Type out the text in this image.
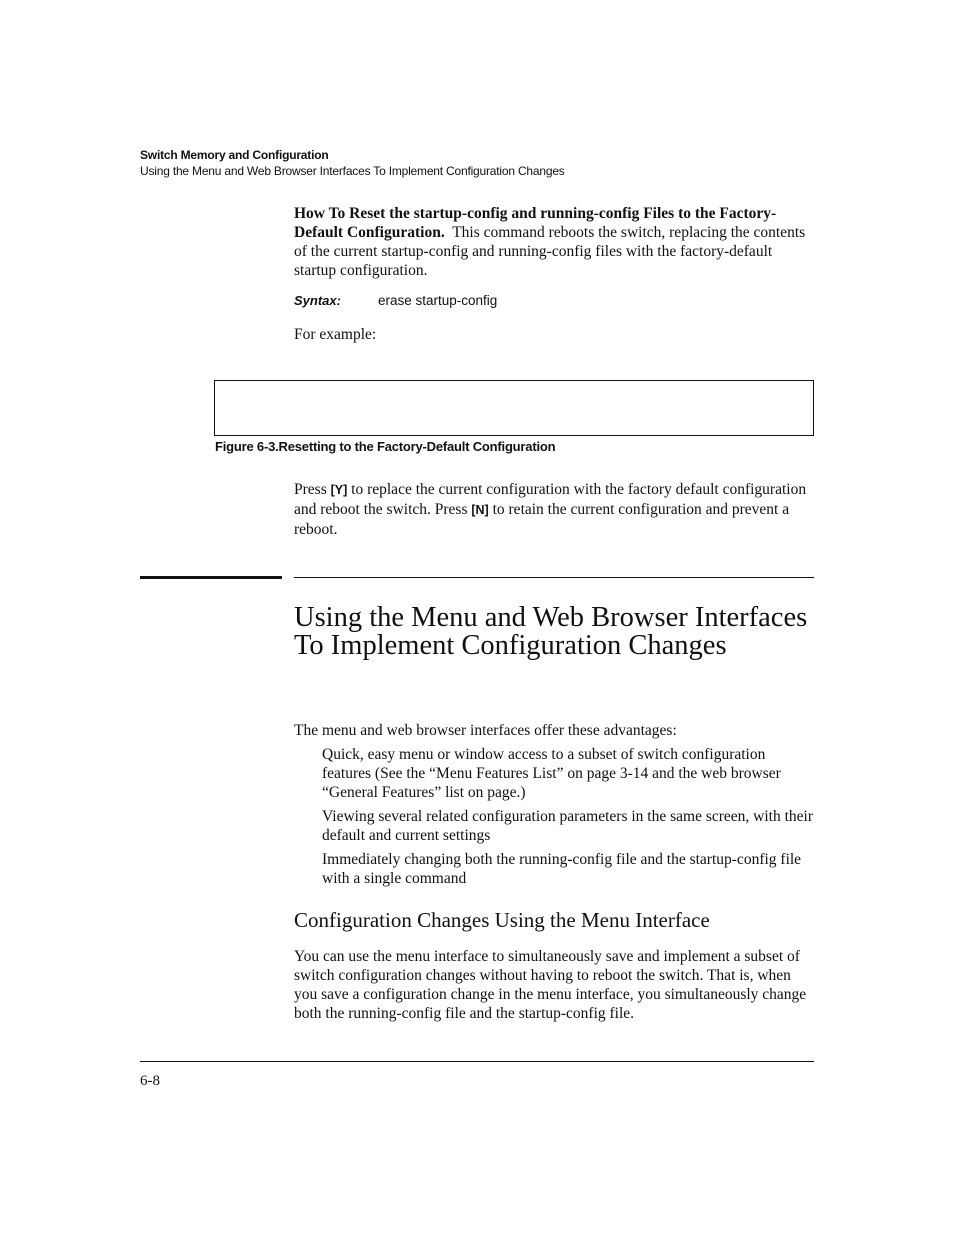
Switch Memory and Configuration
Using the Menu and Web Browser Interfaces To Implement Configuration Changes
How To Reset the startup-config and running-config Files to the Factory-Default Configuration. This command reboots the switch, replacing the contents of the current startup-config and running-config files with the factory-default startup configuration.
Syntax:	erase startup-config
For example:
Figure 6-3.Resetting to the Factory-Default Configuration
Press [Y] to replace the current configuration with the factory default configuration and reboot the switch. Press [N] to retain the current configuration and prevent a reboot.
Using the Menu and Web Browser Interfaces To Implement Configuration Changes
The menu and web browser interfaces offer these advantages:

Quick, easy menu or window access to a subset of switch configuration features (See the “Menu Features List” on page 3-14 and the web browser “General Features” list on page.)

Viewing several related configuration parameters in the same screen, with their default and current settings

Immediately changing both the running-config file and the startup-config file with a single command

Configuration Changes Using the Menu Interface
You can use the menu interface to simultaneously save and implement a subset of switch configuration changes without having to reboot the switch. That is, when you save a configuration change in the menu interface, you simultaneously change both the running-config file and the startup-config file.
6-8
